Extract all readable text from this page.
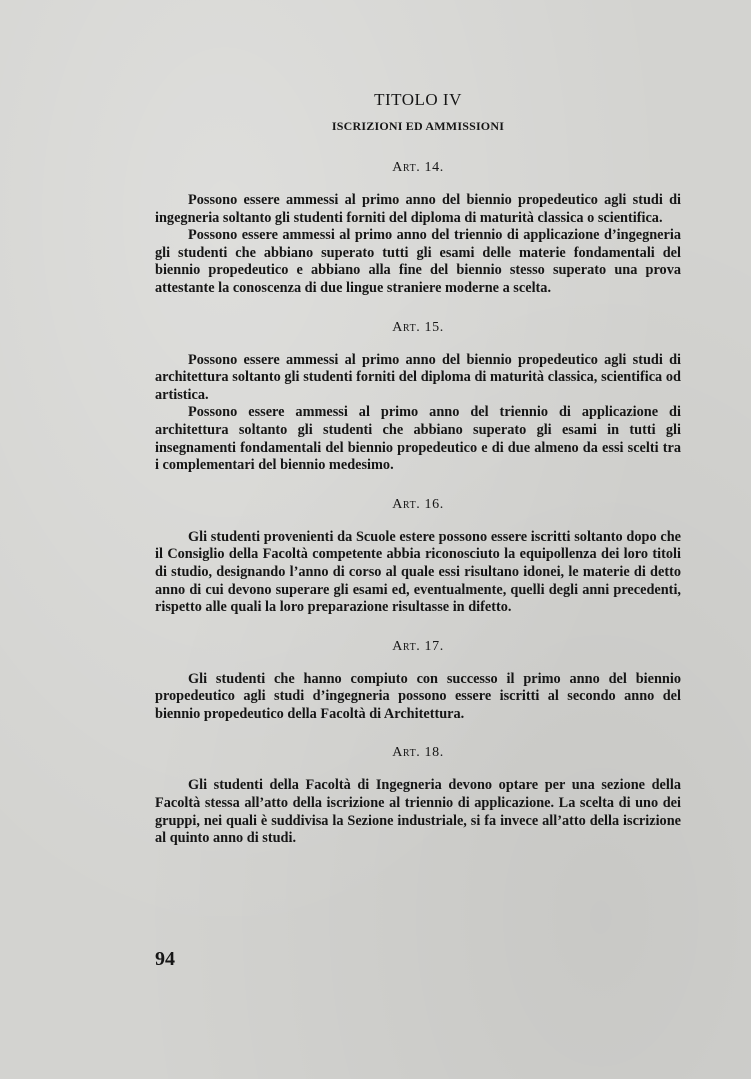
TITOLO IV
ISCRIZIONI ED AMMISSIONI
Art. 14.

Possono essere ammessi al primo anno del biennio propedeutico agli studi di ingegneria soltanto gli studenti forniti del diploma di maturità classica o scientifica.

Possono essere ammessi al primo anno del triennio di applicazione d’ingegneria gli studenti che abbiano superato tutti gli esami delle materie fondamentali del biennio propedeutico e abbiano alla fine del biennio stesso superato una prova attestante la conoscenza di due lingue straniere moderne a scelta.

Art. 15.

Possono essere ammessi al primo anno del biennio propedeutico agli studi di architettura soltanto gli studenti forniti del diploma di maturità classica, scientifica od artistica.

Possono essere ammessi al primo anno del triennio di applicazione di architettura soltanto gli studenti che abbiano superato gli esami in tutti gli insegnamenti fondamentali del biennio propedeutico e di due almeno da essi scelti tra i complementari del biennio medesimo.

Art. 16.

Gli studenti provenienti da Scuole estere possono essere iscritti soltanto dopo che il Consiglio della Facoltà competente abbia riconosciuto la equipollenza dei loro titoli di studio, designando l’anno di corso al quale essi risultano idonei, le materie di detto anno di cui devono superare gli esami ed, eventualmente, quelli degli anni precedenti, rispetto alle quali la loro preparazione risultasse in difetto.

Art. 17.

Gli studenti che hanno compiuto con successo il primo anno del biennio propedeutico agli studi d’ingegneria possono essere iscritti al secondo anno del biennio propedeutico della Facoltà di Architettura.

Art. 18.

Gli studenti della Facoltà di Ingegneria devono optare per una sezione della Facoltà stessa all’atto della iscrizione al triennio di applicazione. La scelta di uno dei gruppi, nei quali è suddivisa la Sezione industriale, si fa invece all’atto della iscrizione al quinto anno di studi.

94
